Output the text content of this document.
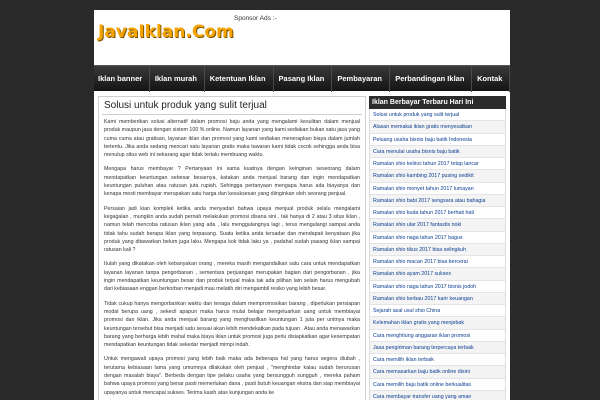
JavaIklan.Com
Sponsor Ads :-
Iklan banner	Iklan murah	Ketentuan Iklan	Pasang Iklan	Pembayaran	Perbandingan Iklan	Kontak
Solusi untuk produk yang sulit terjual

Kami memberikan solusi alternatif dalam promosi baju anda yang mengalami kesulitan dalam menjual produk maupun jasa dengan sistem 100 % online. Namun layanan yang kami sediakan bukan satu jasa yang cuma cuma atau gratisan, layanan iklan dan promosi yang kami sediakan menerapkan biaya dalam jumlah tertentu. Jika anda sedang mencari satu layanan gratis maka tawaran kami tidak cocok sehingga anda bisa menutup situs web ini sekarang agar tidak tertalu membuang waktu.

Mengapa harus membayar ? Pertanyaan ini sama kuatnya dengan keinginan seseorang dalam mendapatkan keuntungan sebesar besarnya, katakan anda menjual barang dan ingin mendapatkan keuntungan puluhan atau ratusan juta rupiah. Sehingga pertanyaan mengapa harus ada biayanya dan kenapa mesti membayar merupakan satu harga dan kesuksesan yang diinginkan oleh seorang penjual.

Persaian jadi kian komplek ketika anda menyadari bahwa upaya menjual produk selalu mengalami kegagalan , mungkin anda sudah pernah melakukan promosi disana sini , tak hanya di 2 atau 3 situs iklan , namun telah mencoba ratusan iklan yang ada , lalu menggulangnya lagi , terus mengulangi sampai anda tidak tahu sudah berapa iklan yang terpasang. Suatu ketika anda tersadar dan mendapati kenyataan jika produk yang ditawarkan belum juga laku. Mengapa kok tidak laku ya , padahal sudah pasang iklan sampai ratusan kali ?

Itulah yang dikatakan oleh kebanyakan orang , mereka masih mengandalkan satu cara untuk mendapatkan layanan layanan tanpa pengorbanan , sementara perjuangan merupakan bagian dari pengorbanan , jika ingin mendapatkan keuntungan besar dan produk terjual maka tak ada pilihan lain selain harus mengubah dari kebiasaan enggan berkorban menjadi mau melatih diri mengambil resiko yang lebih besar.

Tidak cukup hanya mengorbankan waktu dan tenaga dalam mempromosikan barang , diperlukan persiapan modal berupa uang , sekecil apapun maka harus mulai belajar mengeluarkan uang untuk membiayai promosi dan iklan. Jika anda menjual barang yang menghasilkan keuntungan 1 juta per unitnya maka keuntungan tersebut bisa menjadi satu sesuai akan lebih mendekatkan pada tujuan . Atau anda menawarkan barang yang berharga lebih mahal maka biaya iklan untuk promosi juga perlu disiapkatkan agar kesempatan mendapatkan keuntungan tidak sekedar menjadi mimpi indah.

Untuk mengawali upaya promosi yang lebih baik maka ada beberapa hal yang harus segera diubah , terutama kebiasaan lama yang umumnya dilakukan oleh penjual , "menghindar kalau sudah berurusan dengan masalah biaya". Berbeda dengan tipe pelaku usaha yang bersungguh sungguh , mereka paham bahwa upaya promosi yang benar pasti memerlukan dana , pasti butuh keuangan ekstra dan siap membiayai upayanya untuk mencapai sukses. Terima kasih atas kunjungan anda ke

Iklan Berbayar Terbaru Hari Ini
Solusi untuk produk yang sulit terjual
Alasan memakai iklan gratis menyesatkan
Peluang usaha bisnis baju batik Indonesia
Cara menulai usaha bisnis baju batik
Ramalan shio kelinci tahun 2017 tetap lancar
Ramalan shio kambing 2017 pusing sedikit
Ramalan shio monyet tahun 2017 lumayan
Ramalan shio babi 2017 sengsara atau bahagia
Ramalan shio kuda tahun 2017 berhati hati
Ramalan shio ular 2017 fantastis noki
Ramalan shio naga tahun 2017 bagus
Ramalan shio tikus 2017 bisa selingkuh
Ramalan shio macan 2017 bisa bercerai
Ramalan shio ayam 2017 sukses
Ramalan shio naga tahun 2017 bisnis jodoh
Ramalan shio kerbau 2017 karir keuangan
Sejarah asal usul shio China
Kelemahan iklan gratis yang menjebak
Cara menghitung anggaran iklan promosi
Jasa pengiriman barang terpercaya terbaik
Cara memilih iklan terbaik
Cara memasarkan baju batik online disini
Cara memilih baju batik online berkualitas
Cara membayar transfer uang yang aman
